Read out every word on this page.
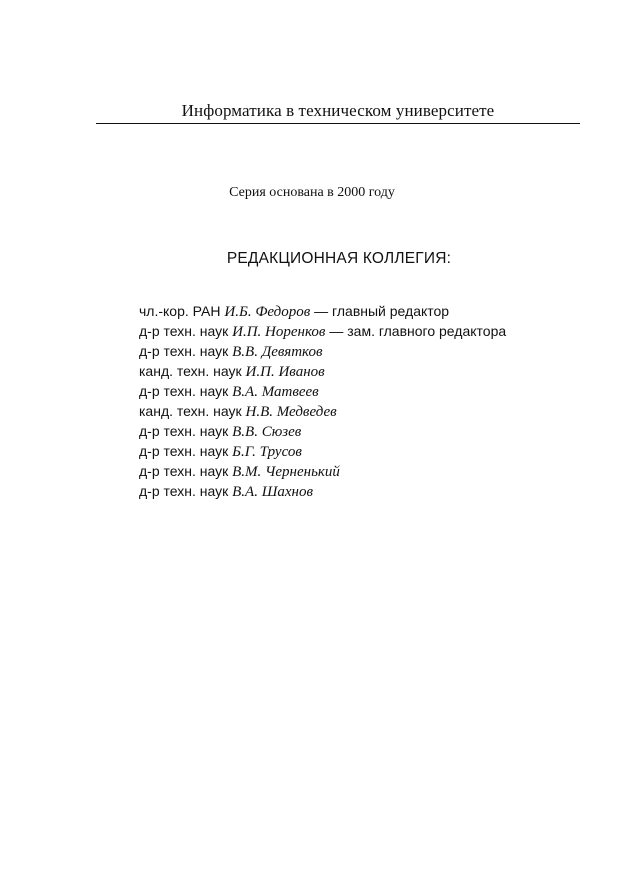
Информатика в техническом университете
Серия основана в 2000 году
РЕДАКЦИОННАЯ КОЛЛЕГИЯ:
чл.-кор. РАН И.Б. Федоров — главный редактор
д-р техн. наук И.П. Норенков — зам. главного редактора
д-р техн. наук В.В. Девятков
канд. техн. наук И.П. Иванов
д-р техн. наук В.А. Матвеев
канд. техн. наук Н.В. Медведев
д-р техн. наук В.В. Сюзев
д-р техн. наук Б.Г. Трусов
д-р техн. наук В.М. Черненький
д-р техн. наук В.А. Шахнов
